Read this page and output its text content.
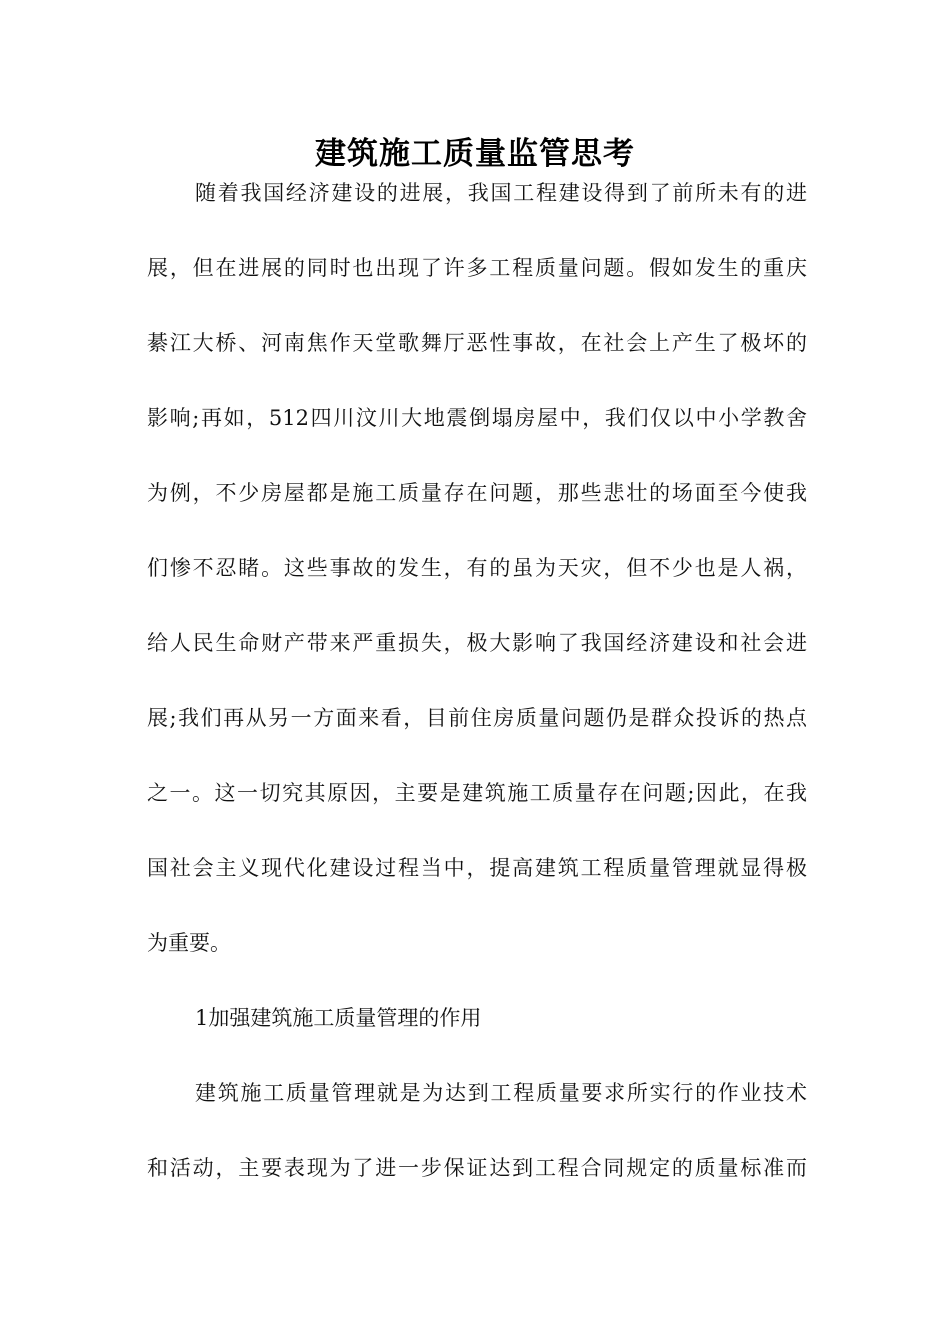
建筑施工质量监管思考

随着我国经济建设的进展，我国工程建设得到了前所未有的进

展，但在进展的同时也出现了许多工程质量问题。假如发生的重庆

綦江大桥、河南焦作天堂歌舞厅恶性事故，在社会上产生了极坏的

影响;再如，512四川汶川大地震倒塌房屋中，我们仅以中小学教舍

为例，不少房屋都是施工质量存在问题，那些悲壮的场面至今使我

们惨不忍睹。这些事故的发生，有的虽为天灾，但不少也是人祸，

给人民生命财产带来严重损失，极大影响了我国经济建设和社会进

展;我们再从另一方面来看，目前住房质量问题仍是群众投诉的热点

之一。这一切究其原因，主要是建筑施工质量存在问题;因此，在我

国社会主义现代化建设过程当中，提高建筑工程质量管理就显得极

为重要。

1加强建筑施工质量管理的作用

建筑施工质量管理就是为达到工程质量要求所实行的作业技术

和活动，主要表现为了进一步保证达到工程合同规定的质量标准而
